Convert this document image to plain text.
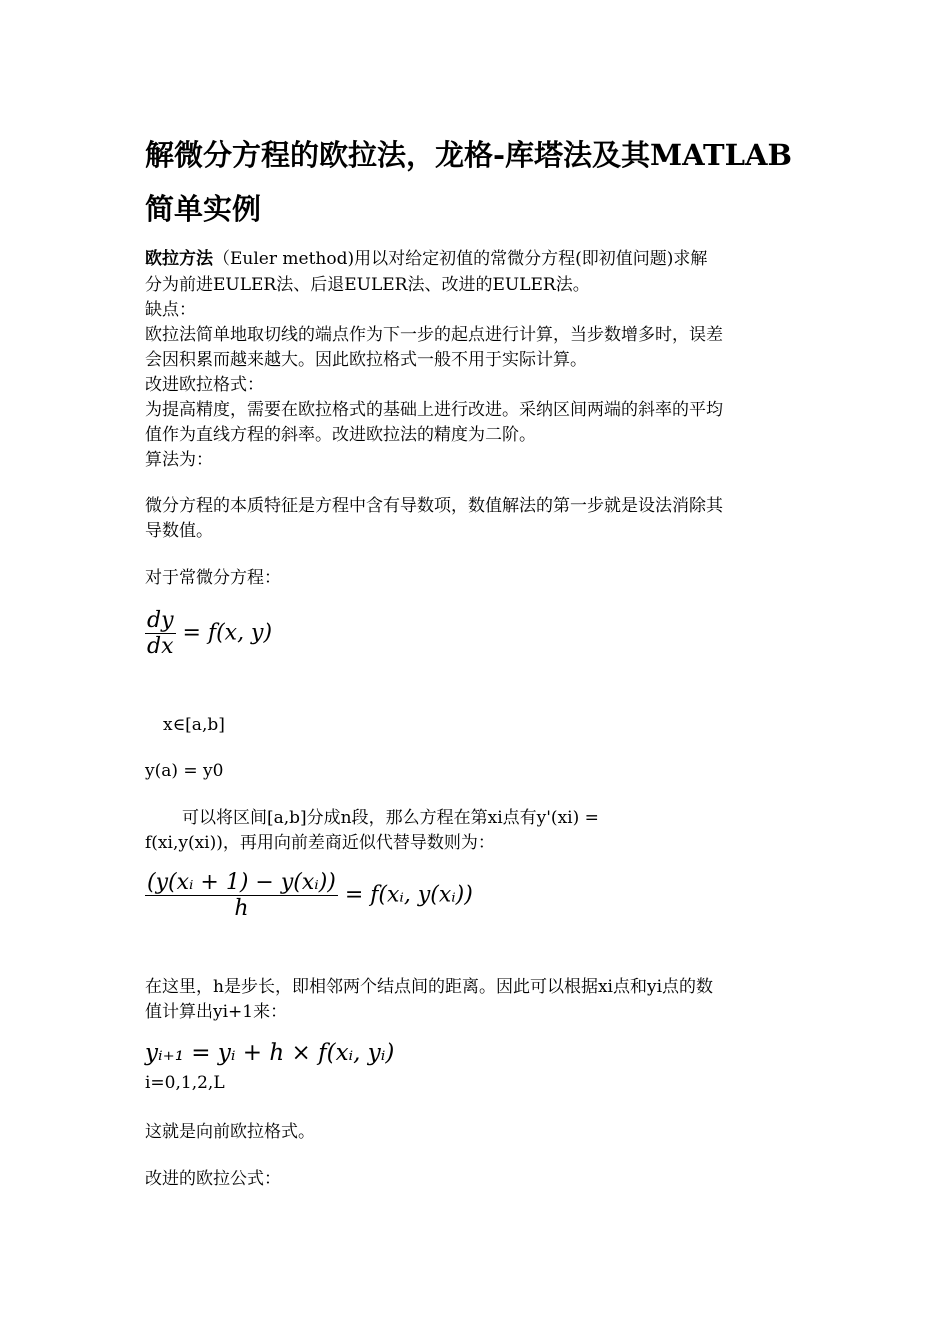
解微分方程的欧拉法，龙格-库塔法及其MATLAB简单实例
欧拉方法（Euler method)用以对给定初值的常微分方程(即初值问题)求解
分为前进EULER法、后退EULER法、改进的EULER法。
缺点：
欧拉法简单地取切线的端点作为下一步的起点进行计算，当步数增多时，误差
会因积累而越来越大。因此欧拉格式一般不用于实际计算。
改进欧拉格式：
为提高精度，需要在欧拉格式的基础上进行改进。采纳区间两端的斜率的平均
值作为直线方程的斜率。改进欧拉法的精度为二阶。
算法为：
微分方程的本质特征是方程中含有导数项，数值解法的第一步就是设法消除其
导数值。
对于常微分方程：
$\frac{dy}{dx} = f(x$, y)
x∈[a,b]
y(a) = y0
可以将区间[a,b]分成n段，那么方程在第xi点有y'(xi) =
f(xi,y(xi))，再用向前差商近似代替导数则为：
$\frac{\text{(y(xᵢ + 1) − y(xᵢ))}}{h}$ = f(xᵢ, y(xᵢ))
在这里，h是步长，即相邻两个结点间的距离。因此可以根据xi点和yi点的数
值计算出yi+1来：
yᵢ₊₁ = yᵢ + h × f(xᵢ, yᵢ)
i=0,1,2,L
这就是向前欧拉格式。
改进的欧拉公式：
